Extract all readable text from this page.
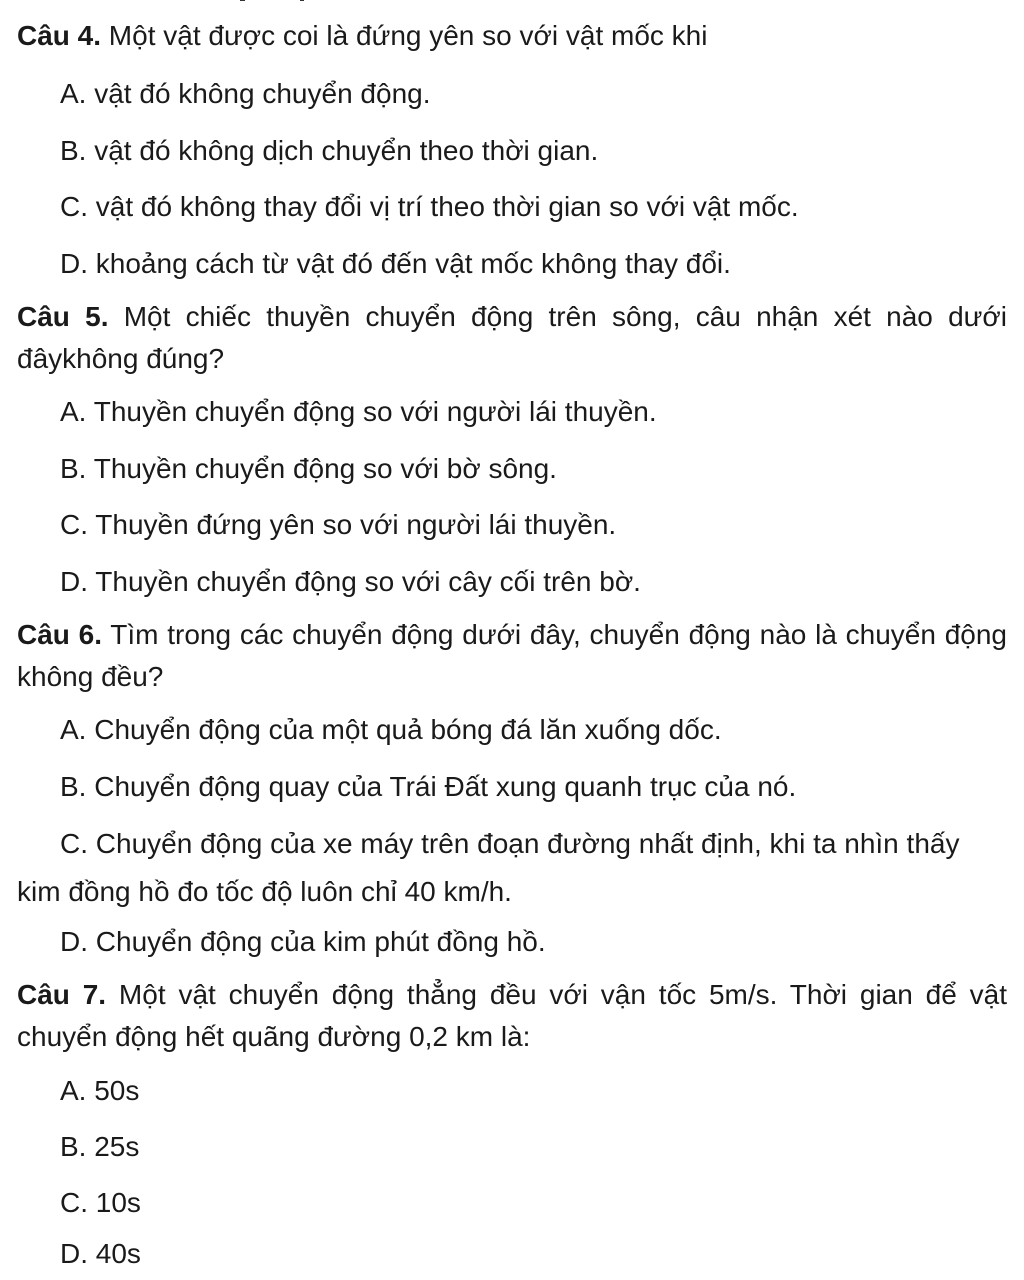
Câu 4. Một vật được coi là đứng yên so với vật mốc khi

A. vật đó không chuyển động.

B. vật đó không dịch chuyển theo thời gian.

C. vật đó không thay đổi vị trí theo thời gian so với vật mốc.

D. khoảng cách từ vật đó đến vật mốc không thay đổi.

Câu 5. Một chiếc thuyền chuyển động trên sông, câu nhận xét nào dưới đâykhông đúng?

A. Thuyền chuyển động so với người lái thuyền.

B. Thuyền chuyển động so với bờ sông.

C. Thuyền đứng yên so với người lái thuyền.

D. Thuyền chuyển động so với cây cối trên bờ.

Câu 6. Tìm trong các chuyển động dưới đây, chuyển động nào là chuyển động không đều?

A. Chuyển động của một quả bóng đá lăn xuống dốc.

B. Chuyển động quay của Trái Đất xung quanh trục của nó.

C. Chuyển động của xe máy trên đoạn đường nhất định, khi ta nhìn thấy kim đồng hồ đo tốc độ luôn chỉ 40 km/h.

D. Chuyển động của kim phút đồng hồ.

Câu 7. Một vật chuyển động thẳng đều với vận tốc 5m/s. Thời gian để vật chuyển động hết quãng đường 0,2 km là:

A. 50s

B. 25s

C. 10s

D. 40s
